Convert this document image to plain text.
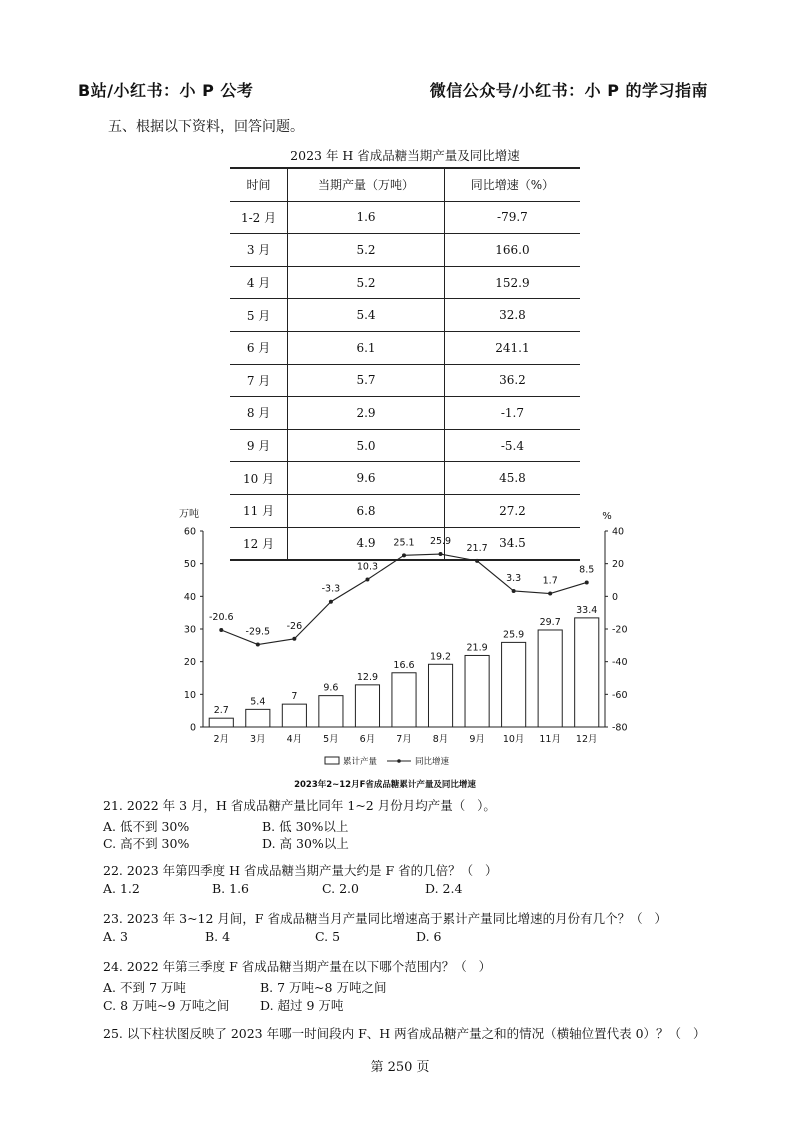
B站/小红书：小 P 公考	微信公众号/小红书：小 P 的学习指南
五、根据以下资料，回答问题。
2023 年 H 省成品糖当期产量及同比增速
时间	当期产量（万吨）	同比增速（%）
1-2 月	1.6	-79.7
3 月	5.2	166.0
4 月	5.2	152.9
5 月	5.4	32.8
6 月	6.1	241.1
7 月	5.7	36.2
8 月	2.9	-1.7
9 月	5.0	-5.4
10 月	9.6	45.8
11 月	6.8	27.2
12 月	4.9	34.5
万吨	%
0
10
20
30
40
50
60
-80
-60
-40
-20
0
20
40
2.7
5.4	7
9.6
12.9
16.6
19.2
21.9
25.9
29.7
33.4
2月 3月 4月 5月 6月 7月 8月 9月 10月 11月 12月
-20.6
-29.5
-26
-3.3
10.3
25.1 25.9
21.7
3.3 1.7
8.5
累计产量	同比增速
2023年2~12月F省成品糖累计产量及同比增速
21. 2022 年 3 月，H 省成品糖产量比同年 1~2 月份月均产量（   ）。
A. 低不到 30%	B. 低 30%以上
C. 高不到 30%	D. 高 30%以上
22. 2023 年第四季度 H 省成品糖当期产量大约是 F 省的几倍？（   ）
A. 1.2	B. 1.6	C. 2.0	D. 2.4
23. 2023 年 3~12 月间，F 省成品糖当月产量同比增速高于累计产量同比增速的月份有几个？（   ）
A. 3	B. 4	C. 5	D. 6
24. 2022 年第三季度 F 省成品糖当期产量在以下哪个范围内？（   ）
A. 不到 7 万吨	B. 7 万吨~8 万吨之间
C. 8 万吨~9 万吨之间 D. 超过 9 万吨
25. 以下柱状图反映了 2023 年哪一时间段内 F、H 两省成品糖产量之和的情况（横轴位置代表 0）？（   ）
第 250 页
